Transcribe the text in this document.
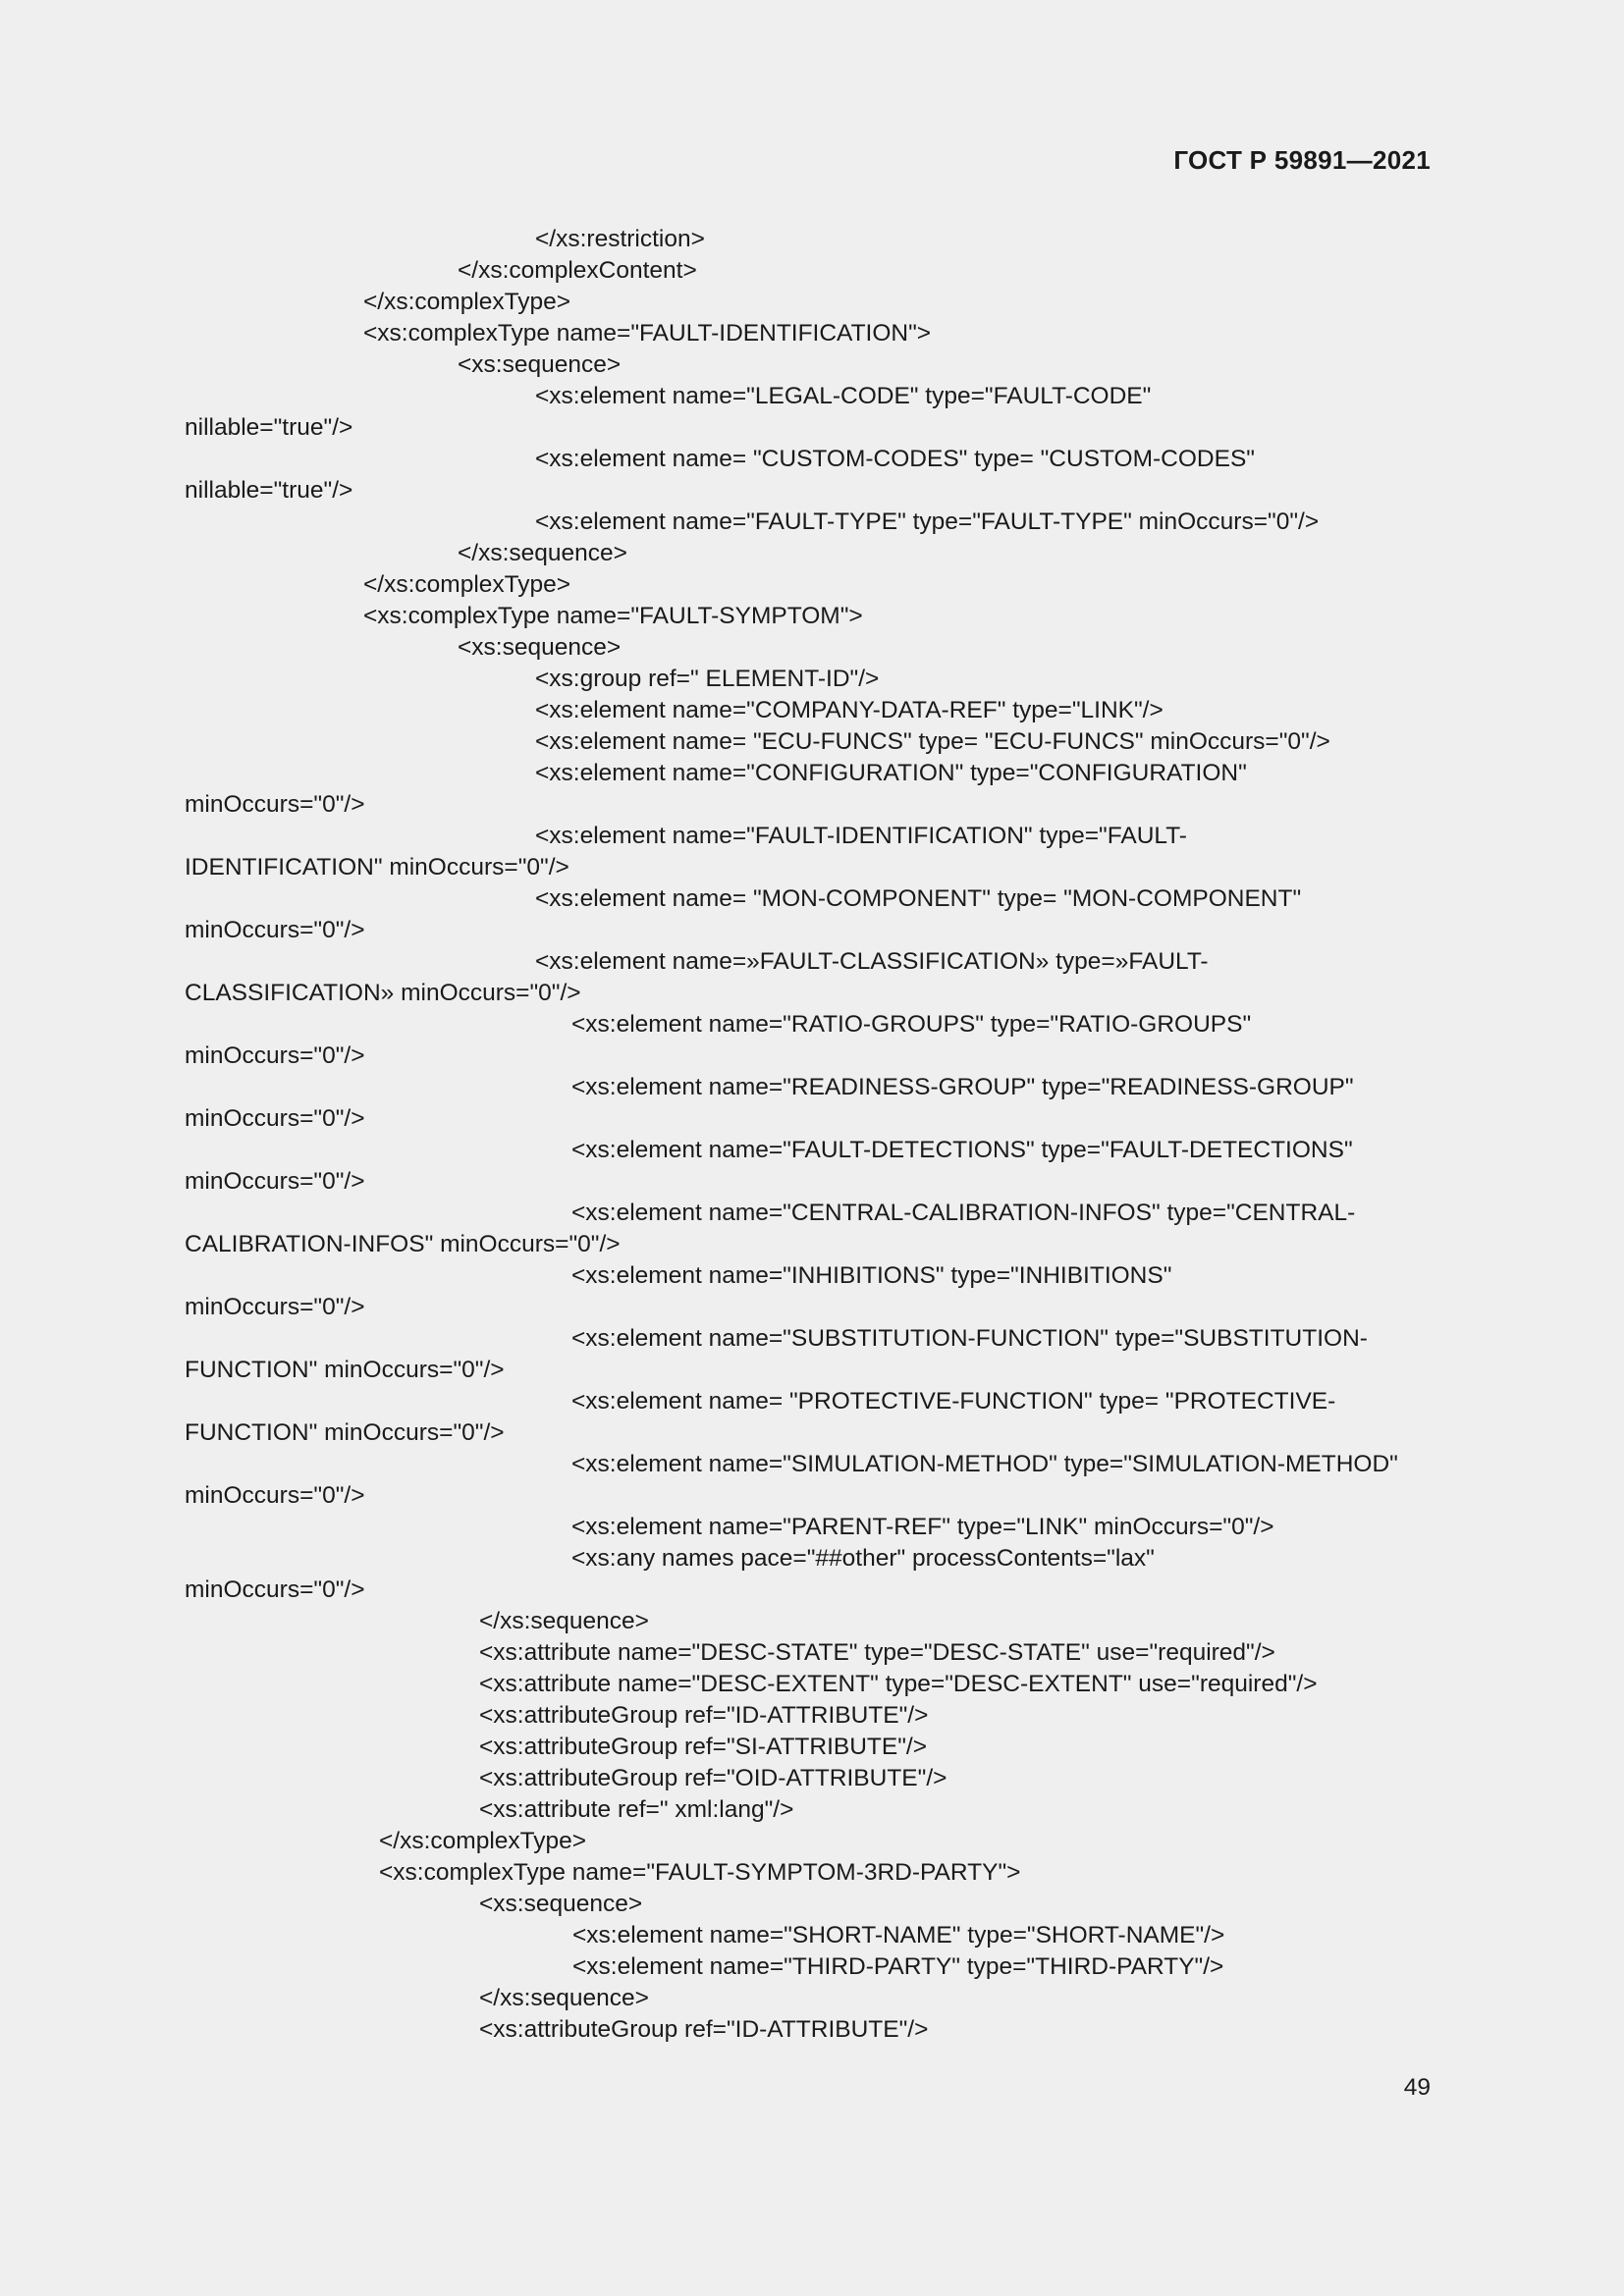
ГОСТ Р 59891—2021
</xs:restriction>
</xs:complexContent>
</xs:complexType>
<xs:complexType name="FAULT-IDENTIFICATION">
<xs:sequence>
<xs:element name="LEGAL-CODE" type="FAULT-CODE"
nillable="true"/>
<xs:element name= "CUSTOM-CODES" type= "CUSTOM-CODES"
nillable="true"/>
<xs:element name="FAULT-TYPE" type="FAULT-TYPE" minOccurs="0"/>
</xs:sequence>
</xs:complexType>
<xs:complexType name="FAULT-SYMPTOM">
<xs:sequence>
<xs:group ref=" ELEMENT-ID"/>
<xs:element name="COMPANY-DATA-REF" type="LINK"/>
<xs:element name= "ECU-FUNCS" type= "ECU-FUNCS" minOccurs="0"/>
<xs:element name="CONFIGURATION" type="CONFIGURATION"
minOccurs="0"/>
<xs:element name="FAULT-IDENTIFICATION" type="FAULT-
IDENTIFICATION" minOccurs="0"/>
<xs:element name= "MON-COMPONENT" type= "MON-COMPONENT"
minOccurs="0"/>
<xs:element name=»FAULT-CLASSIFICATION» type=»FAULT-
CLASSIFICATION» minOccurs="0"/>
<xs:element name="RATIO-GROUPS" type="RATIO-GROUPS"
minOccurs="0"/>
<xs:element name="READINESS-GROUP" type="READINESS-GROUP"
minOccurs="0"/>
<xs:element name="FAULT-DETECTIONS" type="FAULT-DETECTIONS"
minOccurs="0"/>
<xs:element name="CENTRAL-CALIBRATION-INFOS" type="CENTRAL-
CALIBRATION-INFOS" minOccurs="0"/>
<xs:element name="INHIBITIONS" type="INHIBITIONS"
minOccurs="0"/>
<xs:element name="SUBSTITUTION-FUNCTION" type="SUBSTITUTION-
FUNCTION" minOccurs="0"/>
<xs:element name= "PROTECTIVE-FUNCTION" type= "PROTECTIVE-
FUNCTION" minOccurs="0"/>
<xs:element name="SIMULATION-METHOD" type="SIMULATION-METHOD"
minOccurs="0"/>
<xs:element name="PARENT-REF" type="LINK" minOccurs="0"/>
<xs:any names pace="##other" processContents="lax"
minOccurs="0"/>
</xs:sequence>
<xs:attribute name="DESC-STATE" type="DESC-STATE" use="required"/>
<xs:attribute name="DESC-EXTENT" type="DESC-EXTENT" use="required"/>
<xs:attributeGroup ref="ID-ATTRIBUTE"/>
<xs:attributeGroup ref="SI-ATTRIBUTE"/>
<xs:attributeGroup ref="OID-ATTRIBUTE"/>
<xs:attribute ref=" xml:lang"/>
</xs:complexType>
<xs:complexType name="FAULT-SYMPTOM-3RD-PARTY">
<xs:sequence>
<xs:element name="SHORT-NAME" type="SHORT-NAME"/>
<xs:element name="THIRD-PARTY" type="THIRD-PARTY"/>
</xs:sequence>
<xs:attributeGroup ref="ID-ATTRIBUTE"/>
49
